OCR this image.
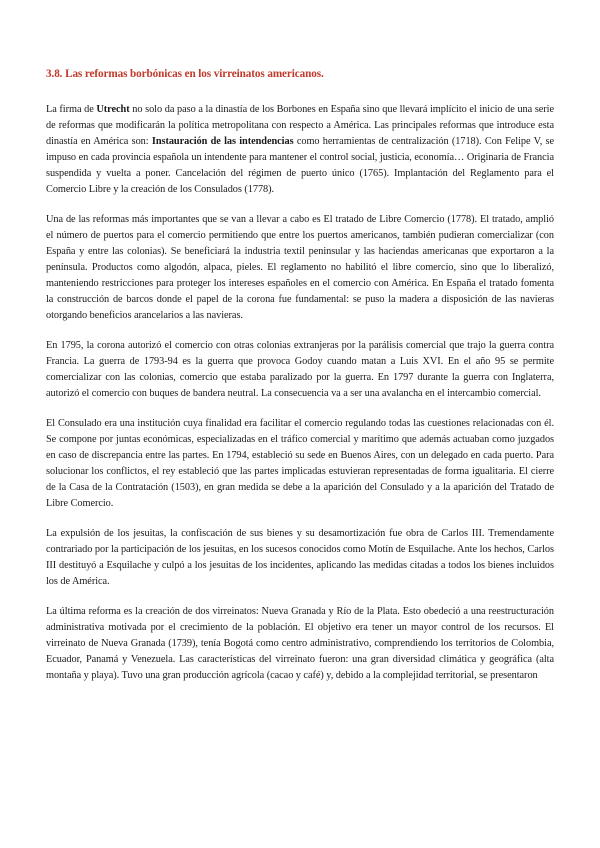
3.8. Las reformas borbónicas en los virreinatos americanos.

La firma de Utrecht no solo da paso a la dinastía de los Borbones en España sino que llevará implícito el inicio de una serie de reformas que modificarán la política metropolitana con respecto a América. Las principales reformas que introduce esta dinastía en América son: Instauración de las intendencias como herramientas de centralización (1718). Con Felipe V, se impuso en cada provincia española un intendente para mantener el control social, justicia, economía… Originaria de Francia suspendida y vuelta a poner. Cancelación del régimen de puerto único (1765). Implantación del Reglamento para el Comercio Libre y la creación de los Consulados (1778).

Una de las reformas más importantes que se van a llevar a cabo es El tratado de Libre Comercio (1778). El tratado, amplió el número de puertos para el comercio permitiendo que entre los puertos americanos, también pudieran comercializar (con España y entre las colonias). Se beneficiará la industria textil peninsular y las haciendas americanas que exportaron a la península. Productos como algodón, alpaca, pieles. El reglamento no habilitó el libre comercio, sino que lo liberalizó, manteniendo restricciones para proteger los intereses españoles en el comercio con América. En España el tratado fomenta la construcción de barcos donde el papel de la corona fue fundamental: se puso la madera a disposición de las navieras otorgando beneficios arancelarios a las navieras.

En 1795, la corona autorizó el comercio con otras colonias extranjeras por la parálisis comercial que trajo la guerra contra Francia. La guerra de 1793-94 es la guerra que provoca Godoy cuando matan a Luis XVI. En el año 95 se permite comercializar con las colonias, comercio que estaba paralizado por la guerra. En 1797 durante la guerra con Inglaterra, autorizó el comercio con buques de bandera neutral. La consecuencia va a ser una avalancha en el intercambio comercial.

El Consulado era una institución cuya finalidad era facilitar el comercio regulando todas las cuestiones relacionadas con él. Se compone por juntas económicas, especializadas en el tráfico comercial y marítimo que además actuaban como juzgados en caso de discrepancia entre las partes. En 1794, estableció su sede en Buenos Aires, con un delegado en cada puerto. Para solucionar los conflictos, el rey estableció que las partes implicadas estuvieran representadas de forma igualitaria. El cierre de la Casa de la Contratación (1503), en gran medida se debe a la aparición del Consulado y a la aparición del Tratado de Libre Comercio.

La expulsión de los jesuitas, la confiscación de sus bienes y su desamortización fue obra de Carlos III. Tremendamente contrariado por la participación de los jesuitas, en los sucesos conocidos como Motín de Esquilache. Ante los hechos, Carlos III destituyó a Esquilache y culpó a los jesuitas de los incidentes, aplicando las medidas citadas a todos los bienes incluidos los de América.

La última reforma es la creación de dos virreinatos: Nueva Granada y Río de la Plata. Esto obedeció a una reestructuración administrativa motivada por el crecimiento de la población. El objetivo era tener un mayor control de los recursos. El virreinato de Nueva Granada (1739), tenía Bogotá como centro administrativo, comprendiendo los territorios de Colombia, Ecuador, Panamá y Venezuela. Las características del virreinato fueron: una gran diversidad climática y geográfica (alta montaña y playa). Tuvo una gran producción agrícola (cacao y café) y, debido a la complejidad territorial, se presentaron
